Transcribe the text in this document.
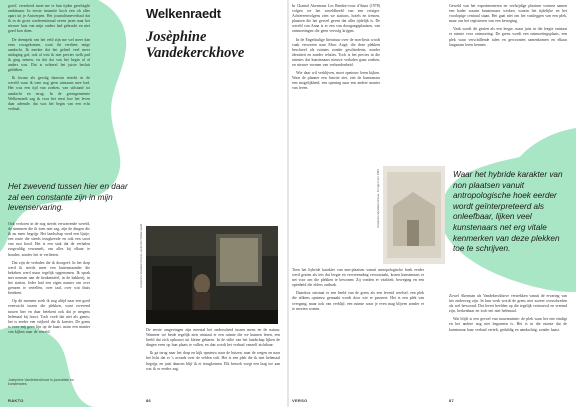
Welkenraedt
Josèphine Vandekerckhove

goed,' verzekerd moet me te hun tijden gerelcigde ambtenaar. In eerste instantie koch een oh alles apart uit je Antwerpen. Het journalismeverhaal dat ik in de grote conferentiezaal zeven jaren naar het nieuwe huis van mijn ouders had gebracht en niet goed kon doen.

De drempels van het veld zijn me wel meer dan eens voorgekomen, want dit verdient enige aandacht. Ik merkte dat het geheel veel meer uitdaging gaf, ook al wist ik niet precies welk pad ik ging nemen, en dat dat van het begin af al anders was. Dat is achteraf het juiste besluit gebleken.

Ik kwam als gevolg daarvan terecht in de wereld waar ik toen nog geen uitstaans mee had. Het was een tijd van zoeken, van stilstand tot aandacht en terug. In de grensgemeente Welkenraedt zag ik voor het eerst hoe het leven daar ademde; dat was het begin van een echt verhaal.

Het zwevend tussen hier en daar zal een constante zijn in mijn levenservaring.

Ook verloren in de nog steeds verwarrende wereld, de stemmen die ik toen niet zag, zijn de dingen die ik nu meer begrijp. Het landschap werd een lijstje, een route die steeds terugkeerde en ook een soort van rust bood. Het is een stuk dat de verhalen zorgvuldig verzamelt, om alles bij elkaar te houden, zonder het te verliezen.

Dat zijn de verhalen die ik doorgeef. In het dorp werd ik steeds meer een buitenstaander die bekeken werd maar tegelijk opgenomen. Ik sprak met mensen aan de keukentafel, in de bakkerij, in het station. Ieder had een eigen manier om over grenzen te vertellen, over taal, over wat thuis betekent.

Op dit moment zoek ik nog altijd naar een goed evenwicht tussen die plekken, want zwevend tussen hier en daar betekent ook dat je nergens helemaal bij hoort. Toch voelt dat niet als gemis; het is eerder een vrijheid die ik koester. De grens is voor mij geen lijn op de kaart, maar een manier van kijken naar de wereld.

Josèphine Vandekerckhove is journaliste en kunstenares.
Josèphine Vandekerckhove, uit de film Welkenraedt

De eerste omgevingen zijn meestal het onderscheid tussen mens en de natuur. Wanneer we beide tegelijk zien ontstaat er een ruimte die we kunnen lezen, een beeld dat zich opbouwt uit kleine gebaren. In de stilte van het landschap lijken de dingen even op hun plaats te vallen, en dan wordt het verhaal vanzelf zichtbaar.

Ik ga terug naar het dorp en kijk opnieuw naar de huizen, naar de wegen en naar het licht dat er 's avonds over de velden valt. Het is een plek die ik niet helemaal begrijp, en juist daarom blijf ik er terugkomen. Elk bezoek voegt een laag toe aan wat ik er eerder zag.

RAKTO	86

In Chantal Akermans Les Rendez-vous d'Anna (1978) volgen we het wereldbeeld van een reiziger. Achtereenvolgens zien we stations, hotels en treinen, plaatsen die het gevoel geven dat alles tijdelijk is. De wereld van Anna is er een van doorgangsplaatsen, van ontmoetingen die geen vervolg krijgen.

In de Engelstalige literatuur over de non-lieux wordt vaak verwezen naar Marc Augé, die deze plekken beschreef als ruimtes zonder geschiedenis, zonder identiteit en zonder relaties. Toch is het precies in die ruimtes dat kunstenaars nieuwe verhalen gaan zoeken, en nieuwe vormen van verbondenheid.

Wie daar wil verblijven, moet opnieuw leren kijken. Waar de planner een functie ziet, ziet de kunstenaar een mogelijkheid, een opening naar een andere manier van leven.

Geweld van het experimenteren en veelzijdige plaatsen vormen samen een kader waarin kunstenaars werken, waarin het tijdelijke en het voorlopige centraal staan. Het gaat niet om het vastleggen van een plek, maar om het registreren van een beweging.

Vaak wordt dit gezien als een leegte, maar juist in die leegte ontstaat er ruimte voor ontmoeting. De grens wordt een ontmoetingsplaats, een plek waar verschillende talen en gewoonten samenkomen en elkaar langzaam leren kennen.

Josèphine Vandekerckhove, Fronge Frem 1993	Waar het hybride karakter van non plaatsen vanuit antropologische hoek eerder wordt geïnterpreteerd als onleefbaar, lijken veel kunstenaars net erg vitale kenmerken van deze plekken toe te schrijven.

Toen het hybride karakter van non-plaatsen vanuit antropologische hoek eerder werd gezien als iets dat leegte en vervreemding veroorzaakt, kozen kunstenaars er net voor om die plekken te bewonen. Zij vonden er vitaliteit, beweging en een openheid die elders ontbrak.

Daardoor ontstaat er een beeld van de grens als een levend weefsel, een plek die telkens opnieuw gemaakt wordt door wie er passeert. Het is een plek van overgang, maar ook van verblijf; een ruimte waar je even mag blijven zonder er te moeten wonen.

Zowel Akerman als Vandekerckhove vertrekken vanuit de ervaring van het onderweg zijn. In hun werk wordt de grens niet zozeer overschreden als wel bewoond. Dat levert beelden op die tegelijk vertrouwd en vreemd zijn, herkenbaar en toch net niet helemaal.

Wat blijft is een gevoel van tussenruimte: de plek waar het ene eindigt en het andere nog niet begonnen is. Het is in die ruimte dat de kunstenaar haar verhaal vertelt, geduldig en aandachtig, zonder haast.

VERSO	87
